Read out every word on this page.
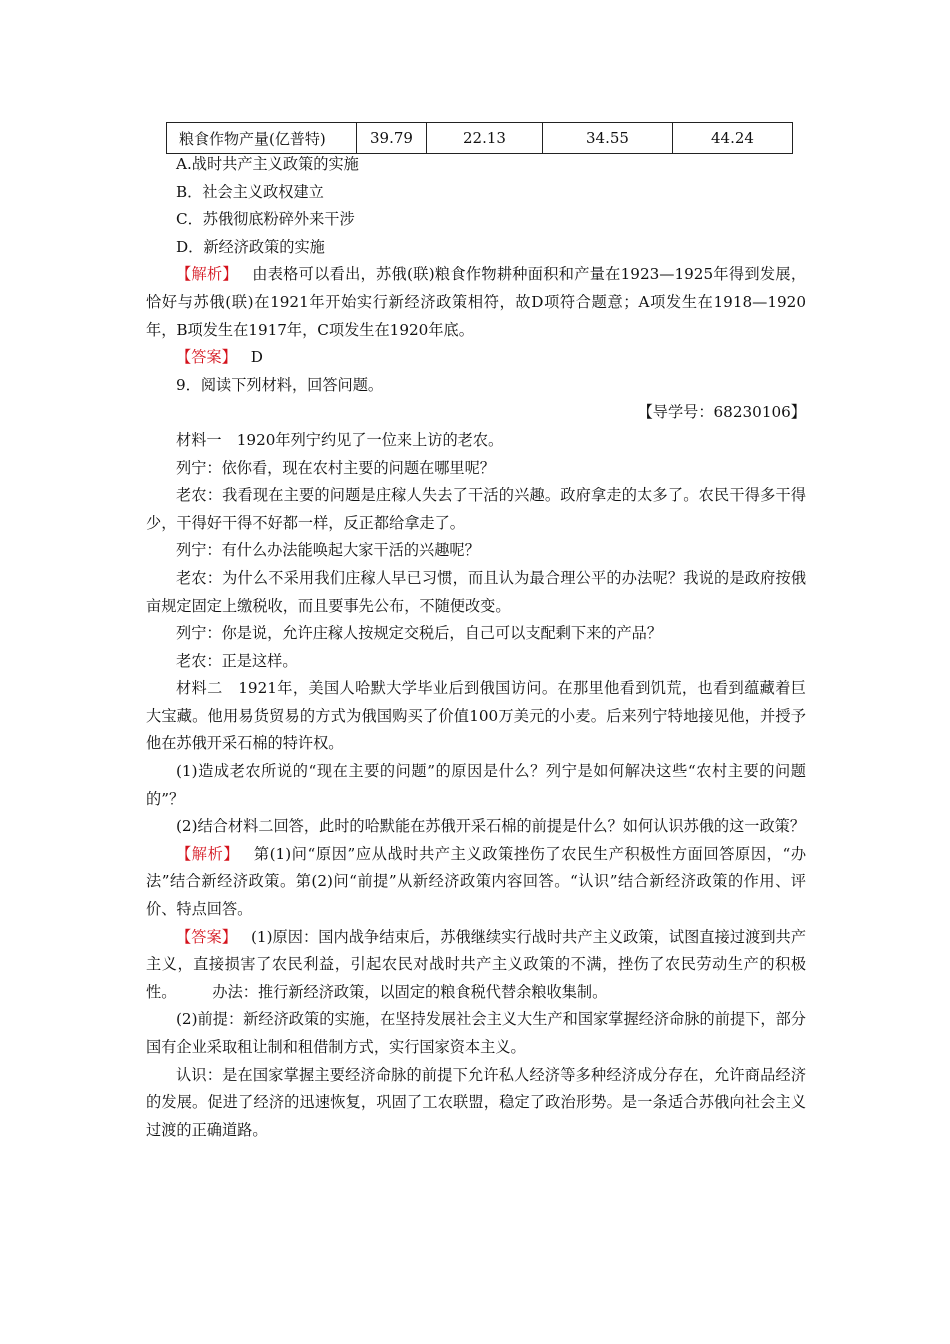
粮食作物产量(亿普特)	39.79	22.13	34.55	44.24

A.战时共产主义政策的实施

B．社会主义政权建立

C．苏俄彻底粉碎外来干涉

D．新经济政策的实施

【解析】 由表格可以看出，苏俄(联)粮食作物耕种面积和产量在1923—1925年得到发展，恰好与苏俄(联)在1921年开始实行新经济政策相符，故D项符合题意；A项发生在1918—1920年，B项发生在1917年，C项发生在1920年底。

【答案】 D

9．阅读下列材料，回答问题。

【导学号：68230106】

材料一　1920年列宁约见了一位来上访的老农。

列宁：依你看，现在农村主要的问题在哪里呢？

老农：我看现在主要的问题是庄稼人失去了干活的兴趣。政府拿走的太多了。农民干得多干得少，干得好干得不好都一样，反正都给拿走了。

列宁：有什么办法能唤起大家干活的兴趣呢？

老农：为什么不采用我们庄稼人早已习惯，而且认为最合理公平的办法呢？我说的是政府按俄亩规定固定上缴税收，而且要事先公布，不随便改变。

列宁：你是说，允许庄稼人按规定交税后，自己可以支配剩下来的产品？

老农：正是这样。

材料二　1921年，美国人哈默大学毕业后到俄国访问。在那里他看到饥荒，也看到蕴藏着巨大宝藏。他用易货贸易的方式为俄国购买了价值100万美元的小麦。后来列宁特地接见他，并授予他在苏俄开采石棉的特许权。

(1)造成老农所说的“现在主要的问题”的原因是什么？列宁是如何解决这些“农村主要的问题的”？

(2)结合材料二回答，此时的哈默能在苏俄开采石棉的前提是什么？如何认识苏俄的这一政策？

【解析】 第(1)问“原因”应从战时共产主义政策挫伤了农民生产积极性方面回答原因，“办法”结合新经济政策。第(2)问“前提”从新经济政策内容回答。“认识”结合新经济政策的作用、评价、特点回答。

【答案】 (1)原因：国内战争结束后，苏俄继续实行战时共产主义政策，试图直接过渡到共产主义，直接损害了农民利益，引起农民对战时共产主义政策的不满，挫伤了农民劳动生产的积极性。 办法：推行新经济政策，以固定的粮食税代替余粮收集制。

(2)前提：新经济政策的实施，在坚持发展社会主义大生产和国家掌握经济命脉的前提下，部分国有企业采取租让制和租借制方式，实行国家资本主义。

认识：是在国家掌握主要经济命脉的前提下允许私人经济等多种经济成分存在，允许商品经济的发展。促进了经济的迅速恢复，巩固了工农联盟，稳定了政治形势。是一条适合苏俄向社会主义过渡的正确道路。
